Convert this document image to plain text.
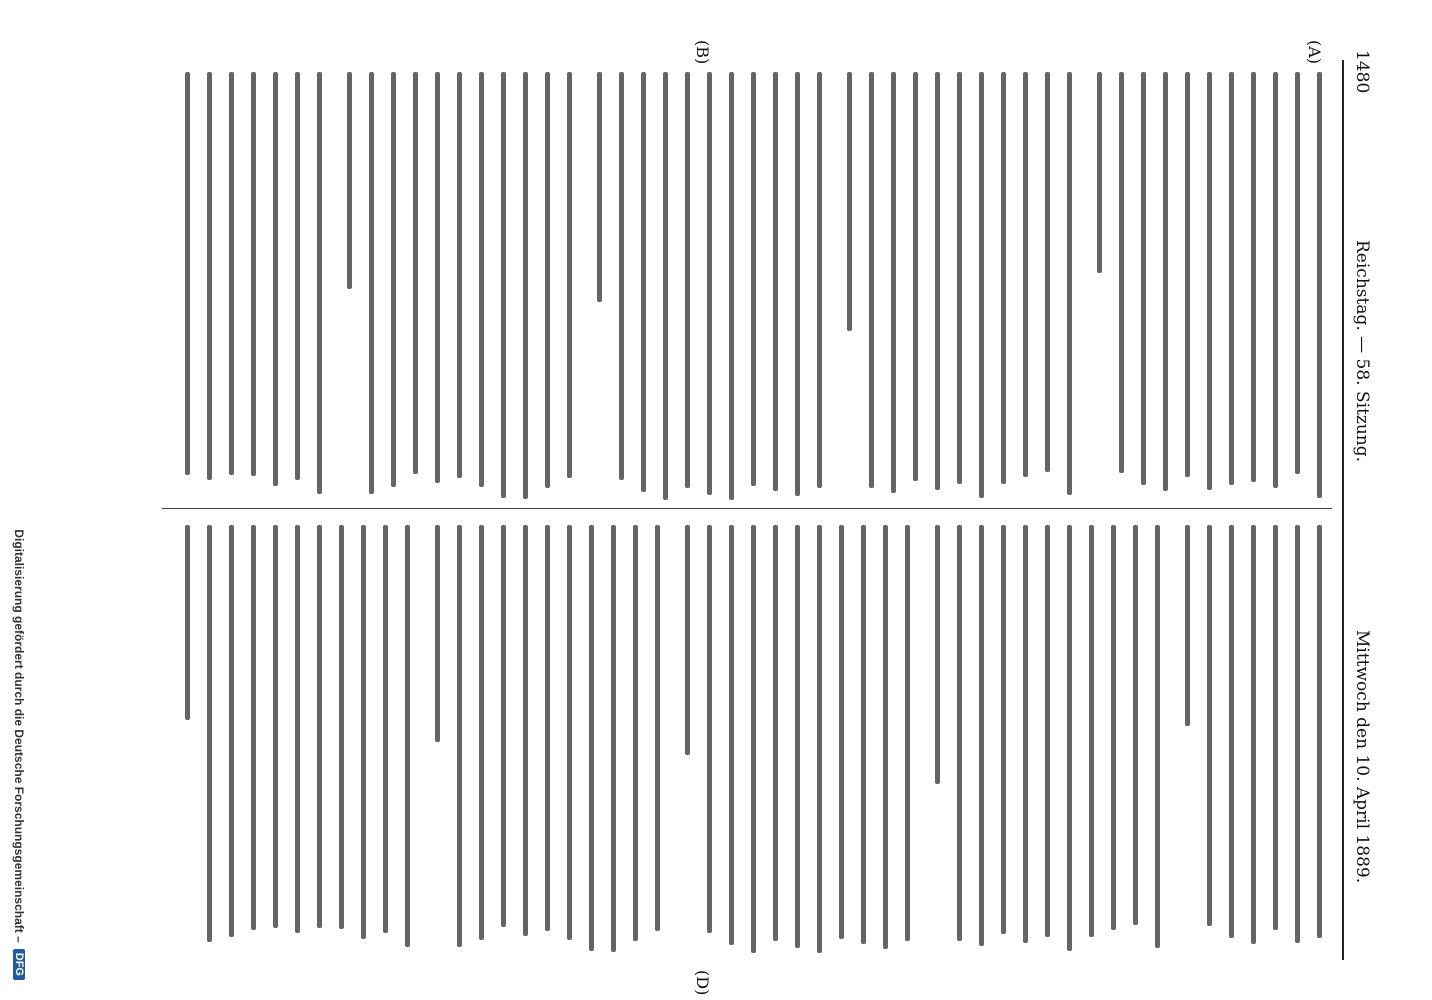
1480
Reichstag. — 58. Sitzung.
Mittwoch den 10. April 1889.
(A)
(B)
(D)
Digitalisierung gefördert durch die Deutsche Forschungsgemeinschaft –
DFG
